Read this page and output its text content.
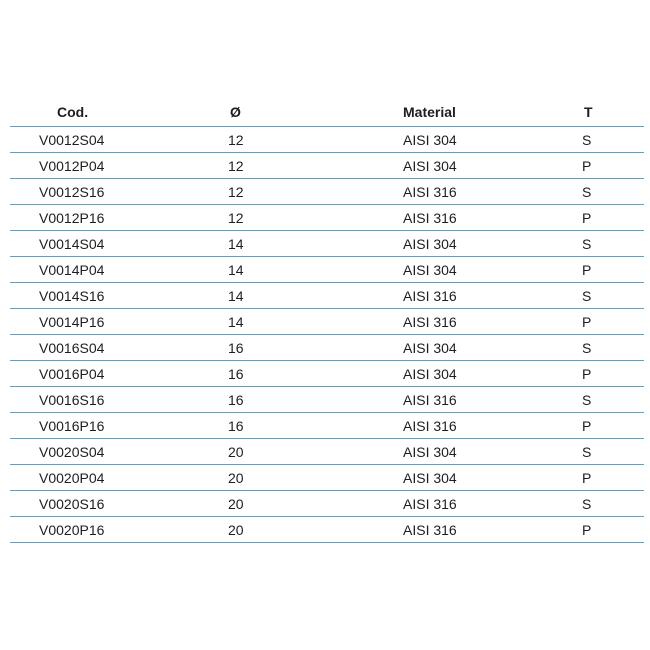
Cod.	Ø	Material	T
V0012S04	12	AISI 304	S
V0012P04	12	AISI 304	P
V0012S16	12	AISI 316	S
V0012P16	12	AISI 316	P
V0014S04	14	AISI 304	S
V0014P04	14	AISI 304	P
V0014S16	14	AISI 316	S
V0014P16	14	AISI 316	P
V0016S04	16	AISI 304	S
V0016P04	16	AISI 304	P
V0016S16	16	AISI 316	S
V0016P16	16	AISI 316	P
V0020S04	20	AISI 304	S
V0020P04	20	AISI 304	P
V0020S16	20	AISI 316	S
V0020P16	20	AISI 316	P
